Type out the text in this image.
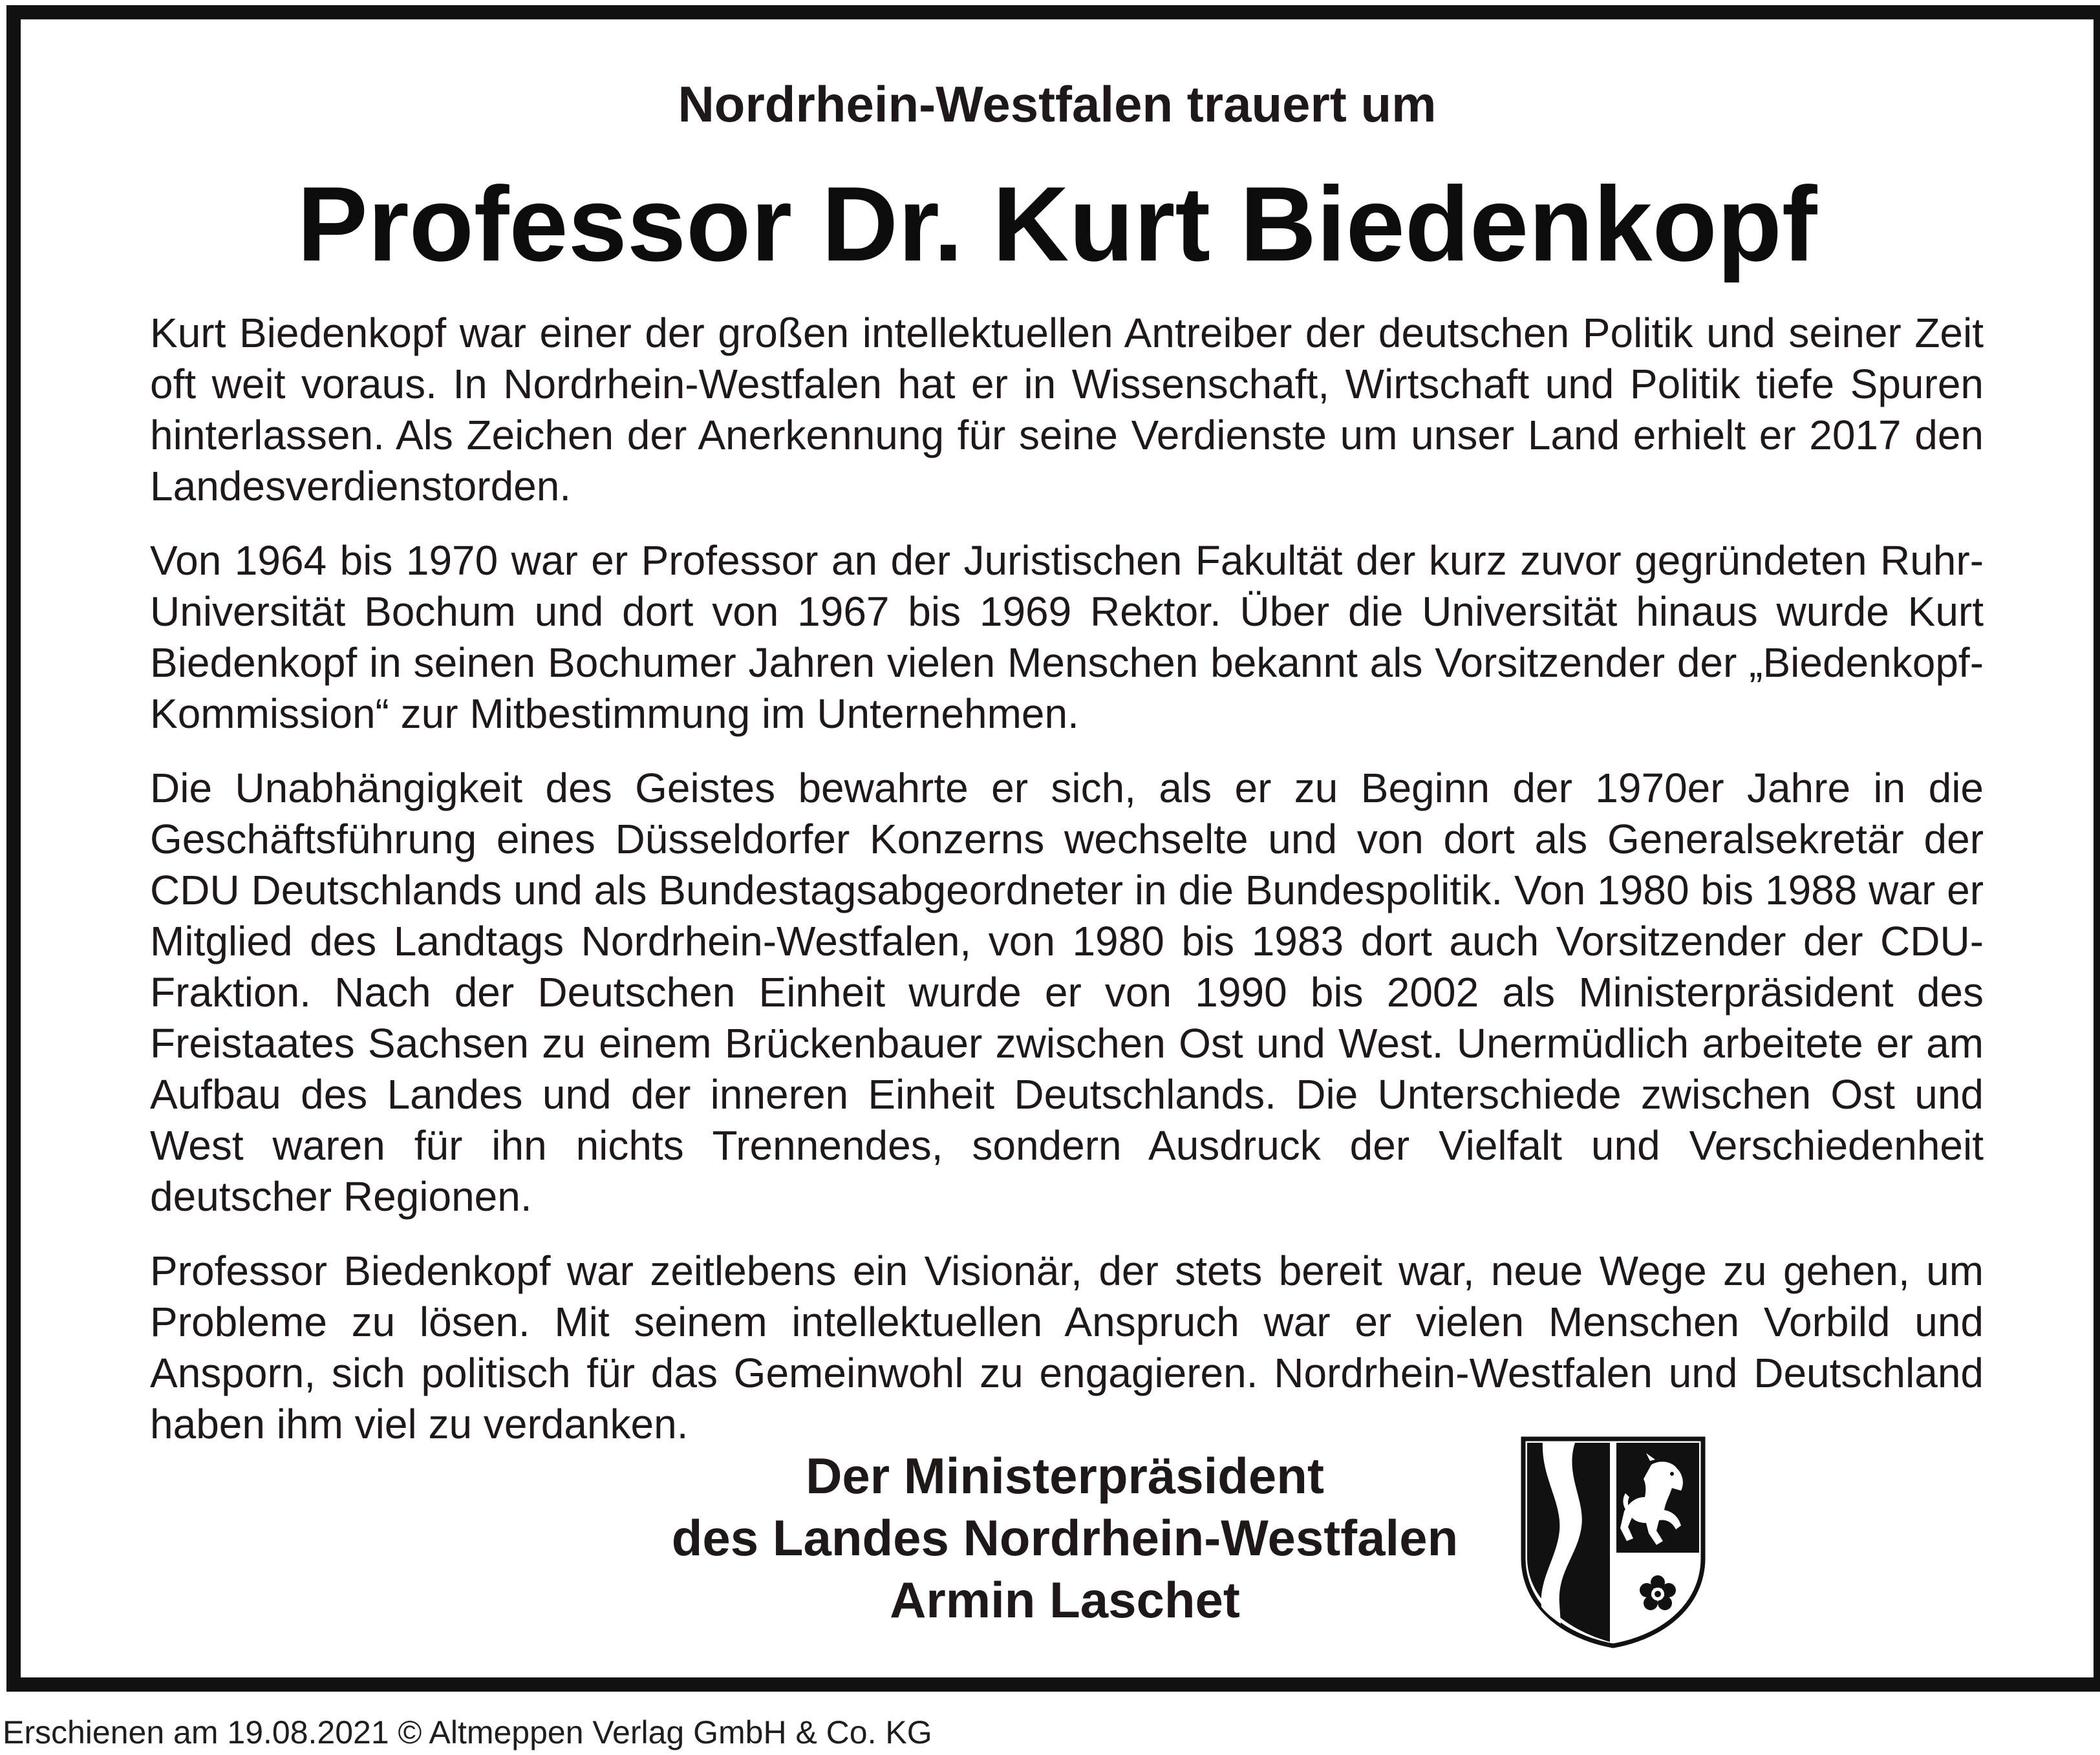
Nordrhein-Westfalen trauert um
Professor Dr. Kurt Biedenkopf

Kurt Biedenkopf war einer der großen intellektuellen Antreiber der deutschen Politik und seiner Zeit oft weit voraus. In Nordrhein-Westfalen hat er in Wissenschaft, Wirtschaft und Politik tiefe Spuren hinterlassen. Als Zeichen der Anerkennung für seine Verdienste um unser Land erhielt er 2017 den Landesverdienstorden.

Von 1964 bis 1970 war er Professor an der Juristischen Fakultät der kurz zuvor gegründeten Ruhr-Universität Bochum und dort von 1967 bis 1969 Rektor. Über die Universität hinaus wurde Kurt Biedenkopf in seinen Bochumer Jahren vielen Menschen bekannt als Vorsitzender der „Biedenkopf-Kommission“ zur Mitbestimmung im Unternehmen.

Die Unabhängigkeit des Geistes bewahrte er sich, als er zu Beginn der 1970er Jahre in die Geschäftsführung eines Düsseldorfer Konzerns wechselte und von dort als Generalsekretär der CDU Deutschlands und als Bundestagsabgeordneter in die Bundespolitik. Von 1980 bis 1988 war er Mitglied des Landtags Nordrhein-Westfalen, von 1980 bis 1983 dort auch Vorsitzender der CDU-Fraktion. Nach der Deutschen Einheit wurde er von 1990 bis 2002 als Ministerpräsident des Freistaates Sachsen zu einem Brückenbauer zwischen Ost und West. Unermüdlich arbeitete er am Aufbau des Landes und der inneren Einheit Deutschlands. Die Unterschiede zwischen Ost und West waren für ihn nichts Trennendes, sondern Ausdruck der Vielfalt und Verschiedenheit deutscher Regionen.

Professor Biedenkopf war zeitlebens ein Visionär, der stets bereit war, neue Wege zu gehen, um Probleme zu lösen. Mit seinem intellektuellen Anspruch war er vielen Menschen Vorbild und Ansporn, sich politisch für das Gemeinwohl zu engagieren. Nordrhein-Westfalen und Deutschland haben ihm viel zu verdanken.

Der Ministerpräsident
des Landes Nordrhein-Westfalen
Armin Laschet
Erschienen am 19.08.2021 © Altmeppen Verlag GmbH & Co. KG
